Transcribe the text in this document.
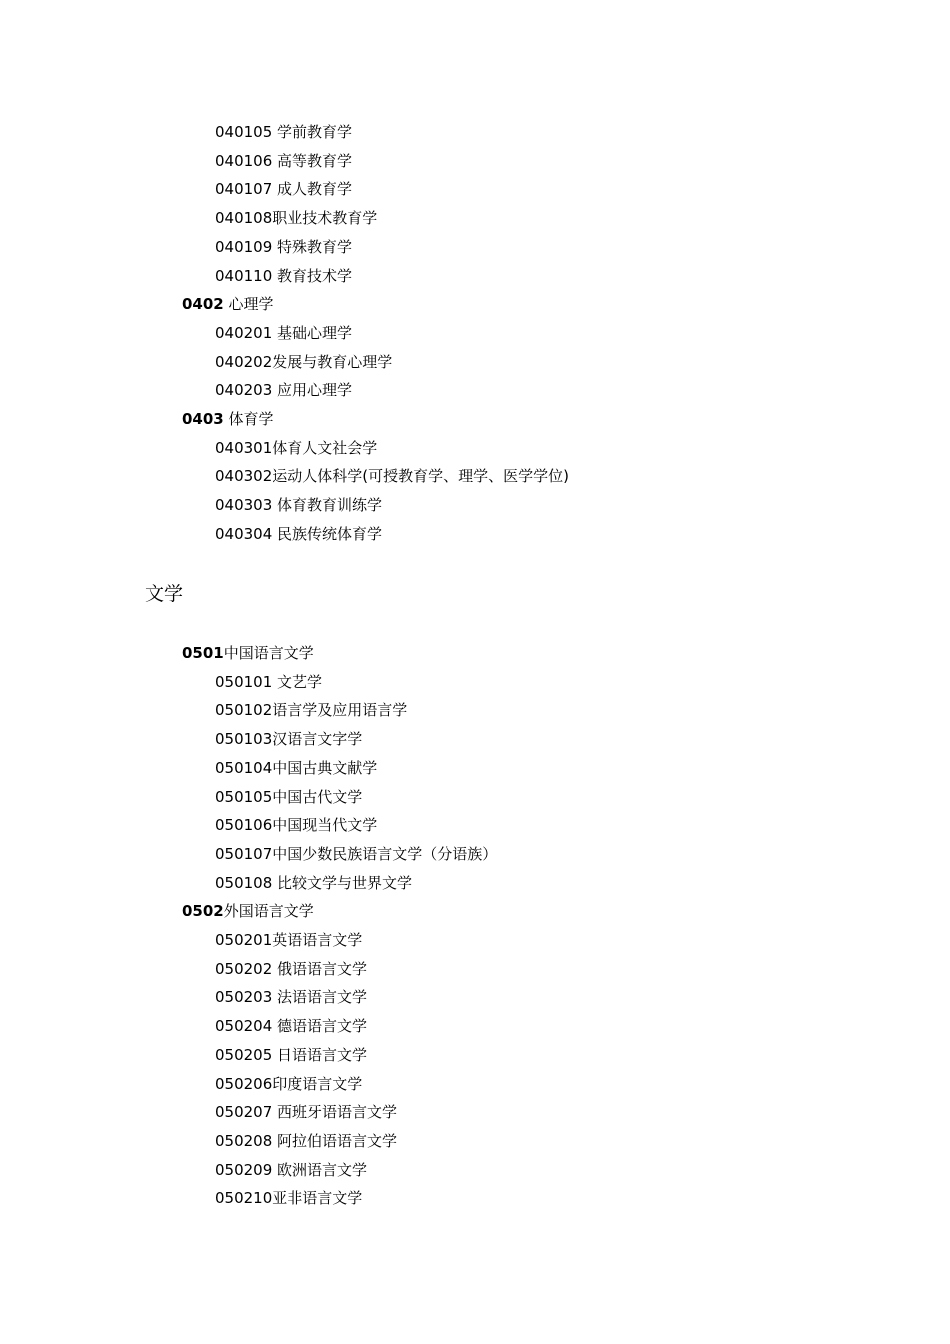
040105 学前教育学
040106 高等教育学
040107 成人教育学
040108职业技术教育学
040109 特殊教育学
040110 教育技术学
0402 心理学
040201 基础心理学
040202发展与教育心理学
040203 应用心理学
0403 体育学
040301体育人文社会学
040302运动人体科学(可授教育学、理学、医学学位)
040303 体育教育训练学
040304 民族传统体育学
文学
0501中国语言文学
050101 文艺学
050102语言学及应用语言学
050103汉语言文字学
050104中国古典文献学
050105中国古代文学
050106中国现当代文学
050107中国少数民族语言文学（分语族）
050108 比较文学与世界文学
0502外国语言文学
050201英语语言文学
050202 俄语语言文学
050203 法语语言文学
050204 德语语言文学
050205 日语语言文学
050206印度语言文学
050207 西班牙语语言文学
050208 阿拉伯语语言文学
050209 欧洲语言文学
050210亚非语言文学
